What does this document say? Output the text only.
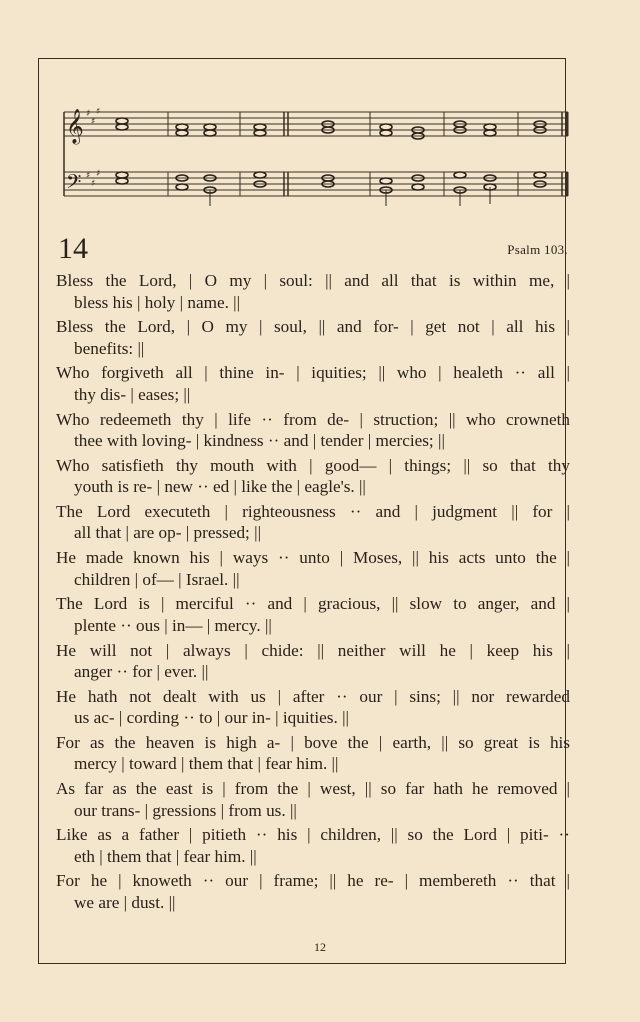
𝄞
𝄢
♯
♯
♯
♯
♯
♯
14	Psalm 103.

Bless the Lord, | O my | soul: || and all that is within me, |
bless his | holy | name. ||

Bless the Lord, | O my | soul, || and for- | get not | all his |
benefits: ||

Who forgiveth all | thine in- | iquities; || who | healeth ·· all |
thy dis- | eases; ||

Who redeemeth thy | life ·· from de- | struction; || who crowneth
thee with loving- | kindness ·· and | tender | mercies; ||

Who satisfieth thy mouth with | good— | things; || so that thy
youth is re- | new ·· ed | like the | eagle's. ||

The Lord executeth | righteousness ·· and | judgment || for |
all that | are op- | pressed; ||

He made known his | ways ·· unto | Moses, || his acts unto the |
children | of— | Israel. ||

The Lord is | merciful ·· and | gracious, || slow to anger, and |
plente ·· ous | in— | mercy. ||

He will not | always | chide: || neither will he | keep his |
anger ·· for | ever. ||

He hath not dealt with us | after ·· our | sins; || nor rewarded
us ac- | cording ·· to | our in- | iquities. ||

For as the heaven is high a- | bove the | earth, || so great is his
mercy | toward | them that | fear him. ||

As far as the east is | from the | west, || so far hath he removed |
our trans- | gressions | from us. ||

Like as a father | pitieth ·· his | children, || so the Lord | piti- ··
eth | them that | fear him. ||

For he | knoweth ·· our | frame; || he re- | membereth ·· that |
we are | dust. ||

12
